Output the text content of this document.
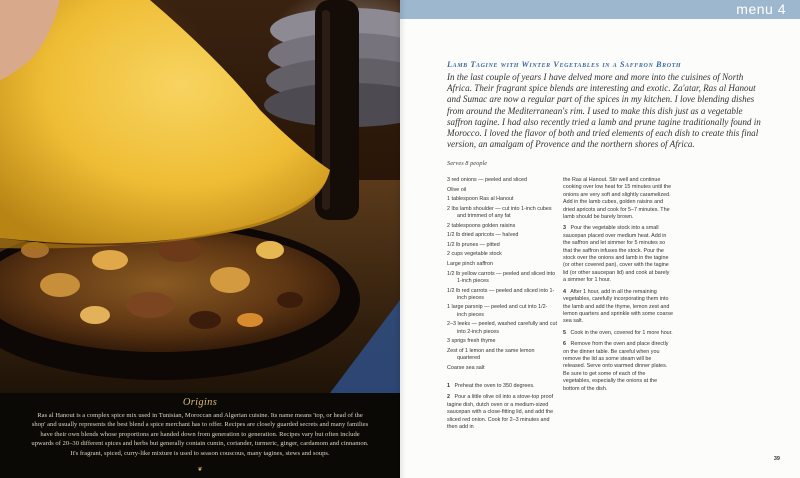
Origins
Ras al Hanout is a complex spice mix used in Tunisian, Moroccan and Algerian cuisine. Its name means 'top, or head of the shop' and usually represents the best blend a spice merchant has to offer. Recipes are closely guarded secrets and many families have their own blends whose proportions are handed down from generation to generation. Recipes vary but often include upwards of 20–30 different spices and herbs but generally contain cumin, coriander, turmeric, ginger, cardamom and cinnamon. It's fragrant, spiced, curry-like mixture is used to season couscous, many tagines, stews and soups.
❦
menu 4
Lamb Tagine with Winter Vegetables in a Saffron Broth
In the last couple of years I have delved more and more into the cuisines of North Africa. Their fragrant spice blends are interesting and exotic. Za'atar, Ras al Hanout and Sumac are now a regular part of the spices in my kitchen. I love blending dishes from around the Mediterranean's rim. I used to make this dish just as a vegetable saffron tagine. I had also recently tried a lamb and prune tagine traditionally found in Morocco. I loved the flavor of both and tried elements of each dish to create this final version, an amalgam of Provence and the northern shores of Africa.
Serves 8 people
3 red onions — peeled and sliced
Olive oil
1 tablespoon Ras al Hanout
2 lbs lamb shoulder — cut into 1-inch cubes and trimmed of any fat
2 tablespoons golden raisins
1/2 lb dried apricots — halved
1/2 lb prunes — pitted
2 cups vegetable stock
Large pinch saffron
1/2 lb yellow carrots — peeled and sliced into 1-inch pieces
1/2 lb red carrots — peeled and sliced into 1-inch pieces
1 large parsnip — peeled and cut into 1/2-inch pieces
2–3 leeks — peeled, washed carefully and cut into 2-inch pieces
3 sprigs fresh thyme
Zest of 1 lemon and the same lemon quartered
Coarse sea salt
1 Preheat the oven to 350 degrees.
2 Pour a little olive oil into a stove-top proof tagine dish, dutch oven or a medium-sized saucepan with a close-fitting lid, and add the sliced red onion. Cook for 2–3 minutes and then add in
the Ras al Hanout. Stir well and continue cooking over low heat for 15 minutes until the onions are very soft and slightly caramelized. Add in the lamb cubes, golden raisins and dried apricots and cook for 5–7 minutes. The lamb should be barely brown.
3 Pour the vegetable stock into a small saucepan placed over medium heat. Add in the saffron and let simmer for 5 minutes so that the saffron infuses the stock. Pour the stock over the onions and lamb in the tagine (or other covered pan), cover with the tagine lid (or other saucepan lid) and cook at barely a simmer for 1 hour.
4 After 1 hour, add in all the remaining vegetables, carefully incorporating them into the lamb and add the thyme, lemon zest and lemon quarters and sprinkle with some coarse sea salt.
5 Cook in the oven, covered for 1 more hour.
6 Remove from the oven and place directly on the dinner table. Be careful when you remove the lid as some steam will be released. Serve onto warmed dinner plates. Be sure to get some of each of the vegetables, especially the onions at the bottom of the dish.
39
